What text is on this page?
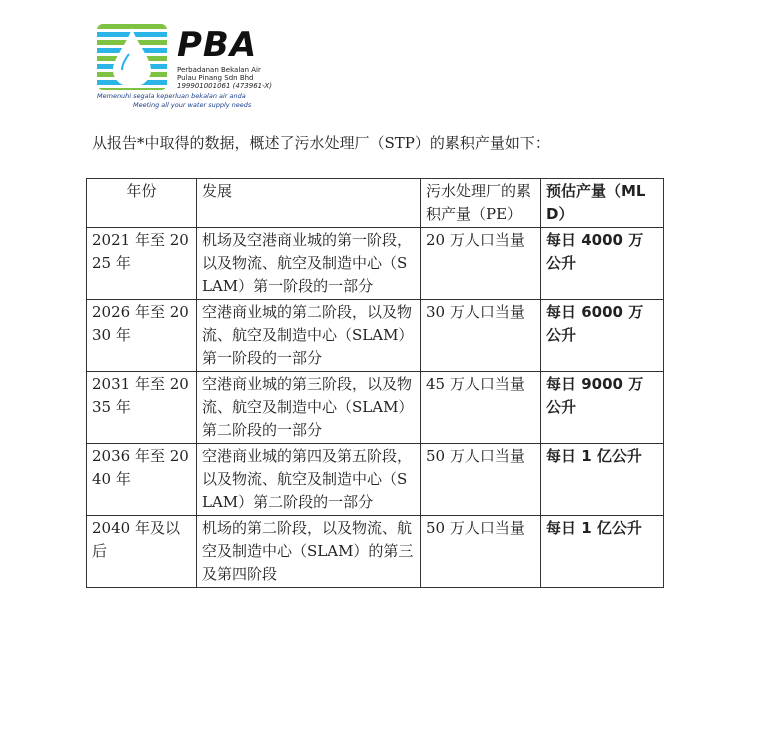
PBA
Perbadanan Bekalan Air
Pulau Pinang Sdn Bhd
199901001061 (473961-X)
Memenuhi segala keperluan bekalan air anda
Meeting all your water supply needs

从报告*中取得的数据，概述了污水处理厂（STP）的累积产量如下：

年份	发展	污水处理厂的累积产量（PE）	预估产量（MLD）
2021 年至 2025 年	机场及空港商业城的第一阶段，以及物流、航空及制造中心（SLAM）第一阶段的一部分	20 万人口当量	每日 4000 万公升
2026 年至 2030 年	空港商业城的第二阶段，以及物流、航空及制造中心（SLAM）第一阶段的一部分	30 万人口当量	每日 6000 万公升
2031 年至 2035 年	空港商业城的第三阶段，以及物流、航空及制造中心（SLAM）第二阶段的一部分	45 万人口当量	每日 9000 万公升
2036 年至 2040 年	空港商业城的第四及第五阶段，以及物流、航空及制造中心（SLAM）第二阶段的一部分	50 万人口当量	每日 1 亿公升
2040 年及以后	机场的第二阶段，以及物流、航空及制造中心（SLAM）的第三及第四阶段	50 万人口当量	每日 1 亿公升
